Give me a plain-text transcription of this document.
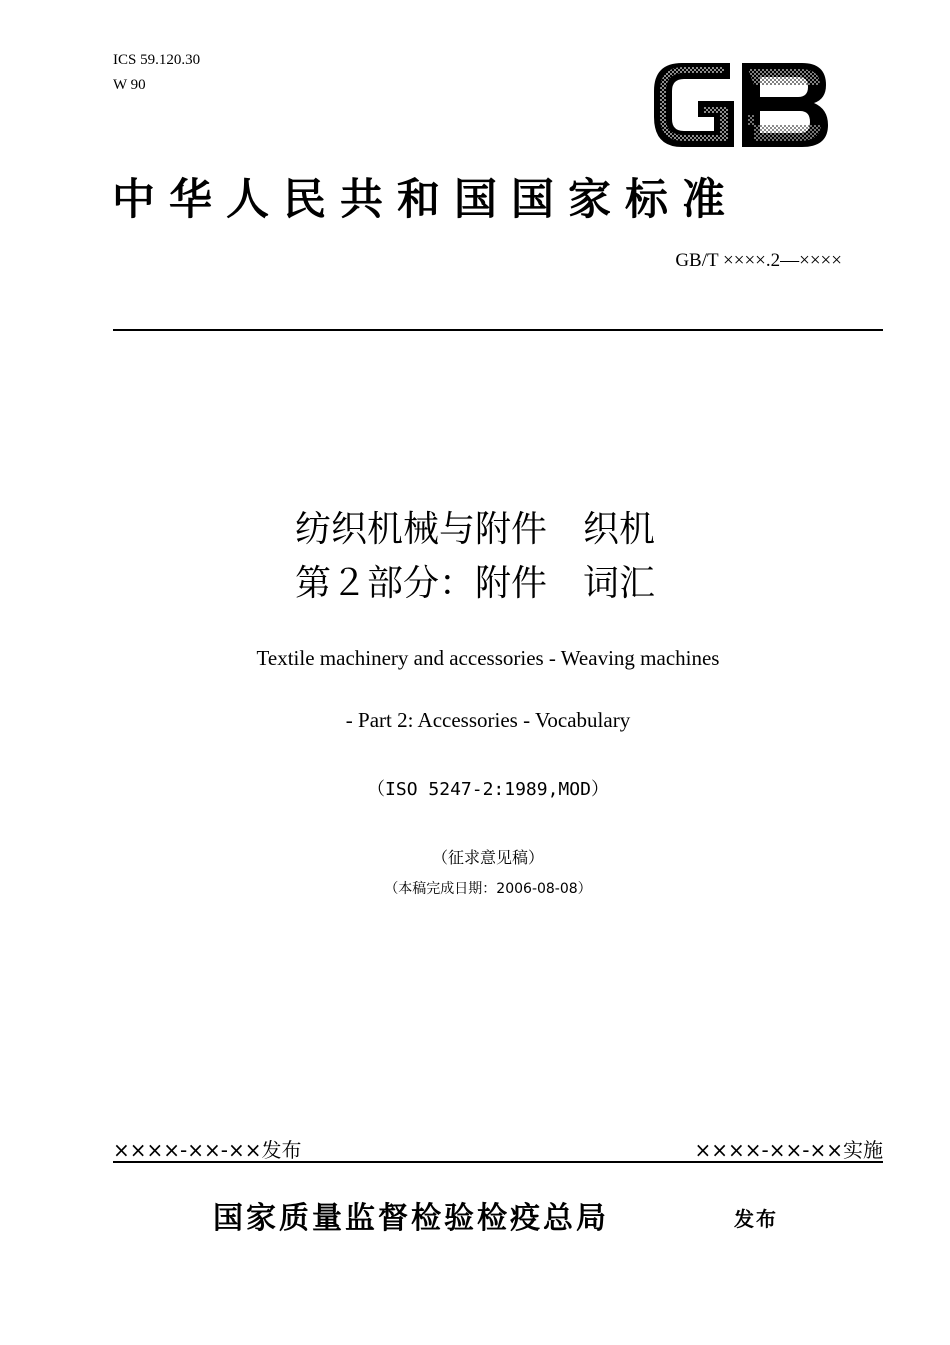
ICS 59.120.30
W 90
中华人民共和国国家标准
GB/T ××××.2—××××
纺织机械与附件　织机
第２部分：附件　词汇
Textile machinery and accessories - Weaving machines
- Part 2: Accessories - Vocabulary
（ISO 5247-2:1989,MOD）
（征求意见稿）
（本稿完成日期：2006-08-08）
××××-××-××发布	××××-××-××实施
国家质量监督检验检疫总局	发布
